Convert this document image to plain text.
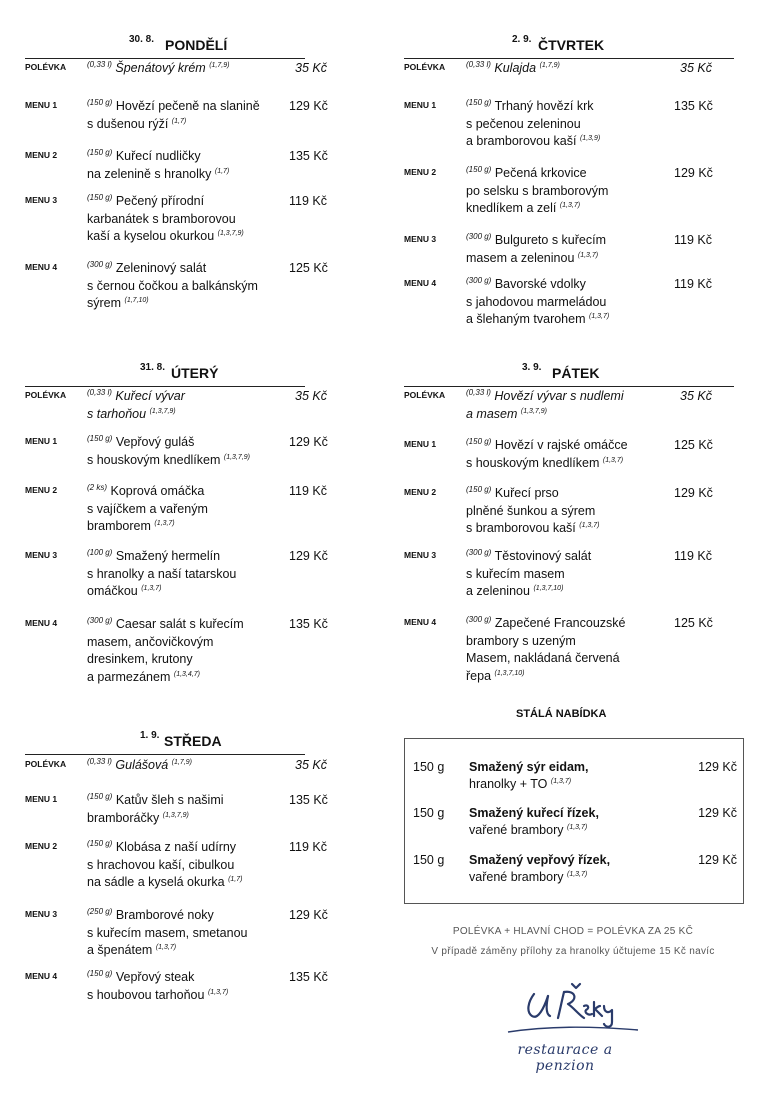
30. 8. PONDĚLÍ
POLÉVKA	$^{(0,33 l)}$ Špenátový krém $^{(1,7,9)}$	35 Kč
MENU 1	$^{(150 g)}$ Hovězí pečeně na slanině
s dušenou rýží $^{(1,7)}$
129 Kč
MENU 2	$^{(150 g)}$ Kuřecí nudličky
na zelenině s hranolky $^{(1,7)}$
135 Kč
MENU 3	$^{(150 g)}$ Pečený přírodní
karbanátek s bramborovou
kaší a kyselou okurkou $^{(1,3,7,9)}$
119 Kč
MENU 4	$^{(300 g)}$ Zeleninový salát
s černou čočkou a balkánským
sýrem $^{(1,7,10)}$
125 Kč
31. 8. ÚTERÝ
POLÉVKA	$^{(0,33 l)}$ Kuřecí vývar
s tarhoňou $^{(1,3,7,9)}$
35 Kč
MENU 1	$^{(150 g)}$ Vepřový guláš
s houskovým knedlíkem $^{(1,3,7,9)}$
129 Kč
MENU 2	$^{(2 ks)}$ Koprová omáčka
s vajíčkem a vařeným
bramborem $^{(1,3,7)}$
119 Kč
MENU 3	$^{(100 g)}$ Smažený hermelín
s hranolky a naší tatarskou
omáčkou $^{(1,3,7)}$
129 Kč
MENU 4	$^{(300 g)}$ Caesar salát s kuřecím
masem, ančovičkovým
dresinkem, krutony
a parmezánem $^{(1,3,4,7)}$
135 Kč
1. 9. STŘEDA
POLÉVKA	$^{(0,33 l)}$ Gulášová $^{(1,7,9)}$	35 Kč
MENU 1	$^{(150 g)}$ Katův šleh s našimi
bramboráčky $^{(1,3,7,9)}$
135 Kč
MENU 2	$^{(150 g)}$ Klobása z naší udírny
s hrachovou kaší, cibulkou
na sádle a kyselá okurka $^{(1,7)}$
119 Kč
MENU 3	$^{(250 g)}$ Bramborové noky
s kuřecím masem, smetanou
a špenátem $^{(1,3,7)}$
129 Kč
MENU 4	$^{(150 g)}$ Vepřový steak
s houbovou tarhoňou $^{(1,3,7)}$
135 Kč
2. 9. ČTVRTEK
POLÉVKA	$^{(0,33 l)}$ Kulajda $^{(1,7,9)}$	35 Kč
MENU 1	$^{(150 g)}$ Trhaný hovězí krk
s pečenou zeleninou
a bramborovou kaší $^{(1,3,9)}$
135 Kč
MENU 2	$^{(150 g)}$ Pečená krkovice
po selsku s bramborovým
knedlíkem a zelí $^{(1,3,7)}$
129 Kč
MENU 3	$^{(300 g)}$ Bulgureto s kuřecím
masem a zeleninou $^{(1,3,7)}$
119 Kč
MENU 4	$^{(300 g)}$ Bavorské vdolky
s jahodovou marmeládou
a šlehaným tvarohem $^{(1,3,7)}$
119 Kč
3. 9. PÁTEK
POLÉVKA	$^{(0,33 l)}$ Hovězí vývar s nudlemi
a masem $^{(1,3,7,9)}$
35 Kč
MENU 1	$^{(150 g)}$ Hovězí v rajské omáčce
s houskovým knedlíkem $^{(1,3,7)}$
125 Kč
MENU 2	$^{(150 g)}$ Kuřecí prso
plněné šunkou a sýrem
s bramborovou kaší $^{(1,3,7)}$
129 Kč
MENU 3	$^{(300 g)}$ Těstovinový salát
s kuřecím masem
a zeleninou $^{(1,3,7,10)}$
119 Kč
MENU 4	$^{(300 g)}$ Zapečené Francouzské
brambory s uzeným
Masem, nakládaná červená
řepa $^{(1,3,7,10)}$
125 Kč
STÁLÁ NABÍDKA
150 g Smažený sýr eidam,
hranolky + TO $^{(1,3,7)}$
129 Kč
150 g Smažený kuřecí řízek,
vařené brambory $^{(1,3,7)}$
129 Kč
150 g Smažený vepřový řízek,
vařené brambory $^{(1,3,7)}$
129 Kč
POLÉVKA + HLAVNÍ CHOD = POLÉVKA ZA 25 KČ
V případě záměny přílohy za hranolky účtujeme 15 Kč navíc
restaurace a penzion
